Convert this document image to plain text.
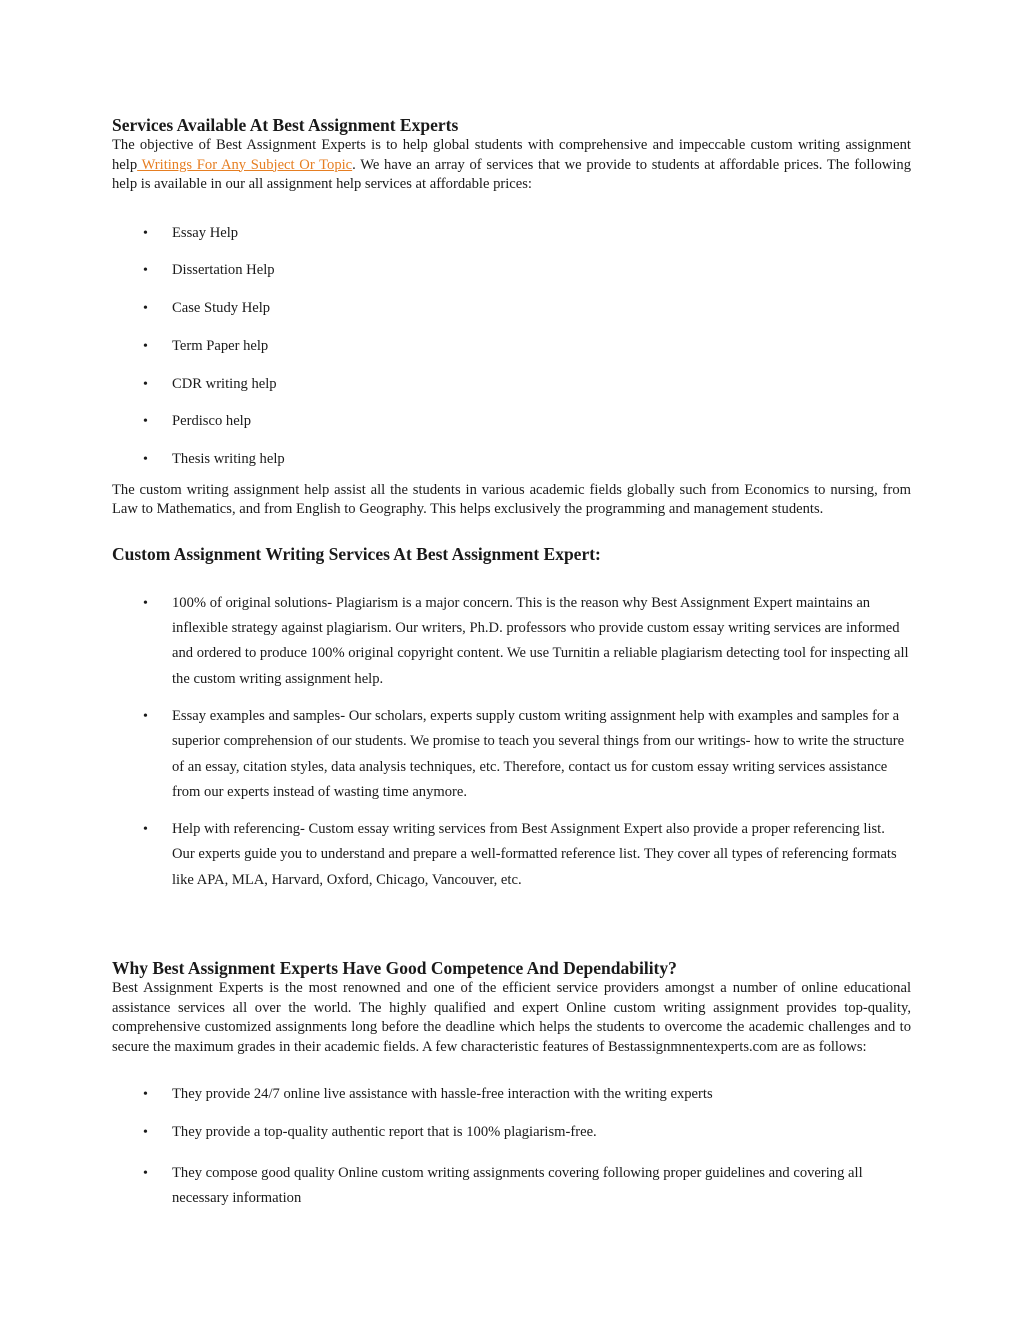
Services Available At Best Assignment Experts

The objective of Best Assignment Experts is to help global students with comprehensive and impeccable custom writing assignment help Writings For Any Subject Or Topic. We have an array of services that we provide to students at affordable prices. The following help is available in our all assignment help services at affordable prices:

• Essay Help
• Dissertation Help
• Case Study Help
• Term Paper help
• CDR writing help
• Perdisco help
• Thesis writing help

The custom writing assignment help assist all the students in various academic fields globally such from Economics to nursing, from Law to Mathematics, and from English to Geography. This helps exclusively the programming and management students.

Custom Assignment Writing Services At Best Assignment Expert:
• 100% of original solutions- Plagiarism is a major concern. This is the reason why Best Assignment Expert maintains an inflexible strategy against plagiarism. Our writers, Ph.D. professors who provide custom essay writing services are informed and ordered to produce 100% original copyright content. We use Turnitin a reliable plagiarism detecting tool for inspecting all the custom writing assignment help.
• Essay examples and samples- Our scholars, experts supply custom writing assignment help with examples and samples for a superior comprehension of our students. We promise to teach you several things from our writings- how to write the structure of an essay, citation styles, data analysis techniques, etc. Therefore, contact us for custom essay writing services assistance from our experts instead of wasting time anymore.
• Help with referencing- Custom essay writing services from Best Assignment Expert also provide a proper referencing list. Our experts guide you to understand and prepare a well-formatted reference list. They cover all types of referencing formats like APA, MLA, Harvard, Oxford, Chicago, Vancouver, etc.
Why Best Assignment Experts Have Good Competence And Dependability?

Best Assignment Experts is the most renowned and one of the efficient service providers amongst a number of online educational assistance services all over the world. The highly qualified and expert Online custom writing assignment provides top-quality, comprehensive customized assignments long before the deadline which helps the students to overcome the academic challenges and to secure the maximum grades in their academic fields. A few characteristic features of Bestassignmnentexperts.com are as follows:

• They provide 24/7 online live assistance with hassle-free interaction with the writing experts
• They provide a top-quality authentic report that is 100% plagiarism-free.
• They compose good quality Online custom writing assignments covering following proper guidelines and covering all necessary information
